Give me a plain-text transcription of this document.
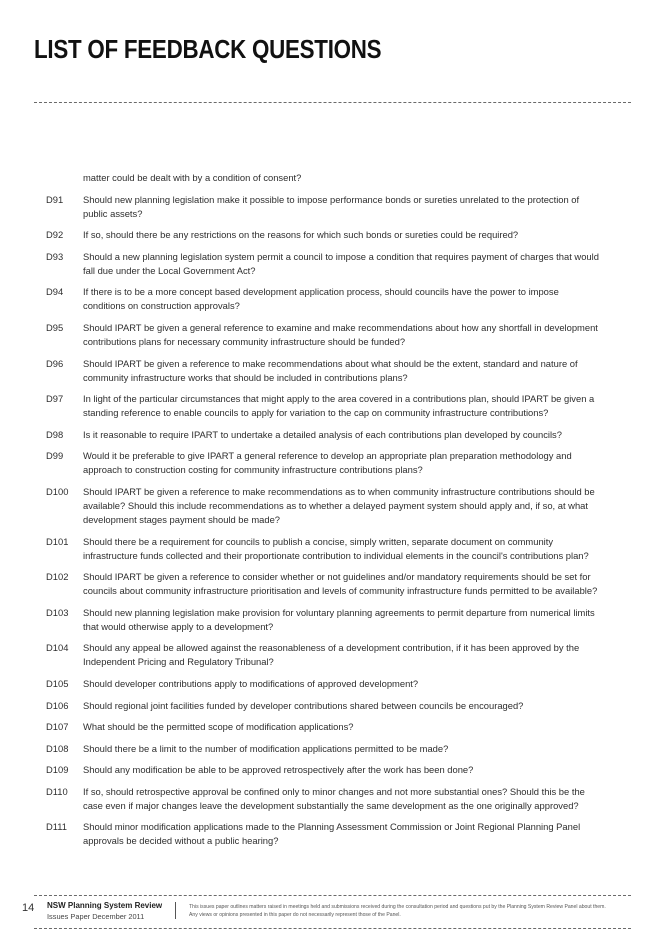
LIST OF FEEDBACK QUESTIONS
matter could be dealt with by a condition of consent?
D91	Should new planning legislation make it possible to impose performance bonds or sureties unrelated to the protection of public assets?
D92	If so, should there be any restrictions on the reasons for which such bonds or sureties could be required?
D93	Should a new planning legislation system permit a council to impose a condition that requires payment of charges that would fall due under the Local Government Act?
D94	If there is to be a more concept based development application process, should councils have the power to impose conditions on construction approvals?
D95	Should IPART be given a general reference to examine and make recommendations about how any shortfall in development contributions plans for necessary community infrastructure should be funded?
D96	Should IPART be given a reference to make recommendations about what should be the extent, standard and nature of community infrastructure works that should be included in contributions plans?
D97	In light of the particular circumstances that might apply to the area covered in a contributions plan, should IPART be given a standing reference to enable councils to apply for variation to the cap on community infrastructure contributions?
D98	Is it reasonable to require IPART to undertake a detailed analysis of each contributions plan developed by councils?
D99	Would it be preferable to give IPART a general reference to develop an appropriate plan preparation methodology and approach to construction costing for community infrastructure contributions plans?
D100	Should IPART be given a reference to make recommendations as to when community infrastructure contributions should be available? Should this include recommendations as to whether a delayed payment system should apply and, if so, at what development stages payment should be made?
D101	Should there be a requirement for councils to publish a concise, simply written, separate document on community infrastructure funds collected and their proportionate contribution to individual elements in the council's contributions plan?
D102	Should IPART be given a reference to consider whether or not guidelines and/or mandatory requirements should be set for councils about community infrastructure prioritisation and levels of community infrastructure funds permitted to be available?
D103	Should new planning legislation make provision for voluntary planning agreements to permit departure from numerical limits that would otherwise apply to a development?
D104	Should any appeal be allowed against the reasonableness of a development contribution, if it has been approved by the Independent Pricing and Regulatory Tribunal?
D105	Should developer contributions apply to modifications of approved development?
D106	Should regional joint facilities funded by developer contributions shared between councils be encouraged?
D107	What should be the permitted scope of modification applications?
D108	Should there be a limit to the number of modification applications permitted to be made?
D109	Should any modification be able to be approved retrospectively after the work has been done?
D110	If so, should retrospective approval be confined only to minor changes and not more substantial ones? Should this be the case even if major changes leave the development substantially the same development as the one originally approved?
D111	Should minor modification applications made to the Planning Assessment Commission or Joint Regional Planning Panel approvals be decided without a public hearing?
14 NSW Planning System Review
Issues Paper December 2011
This issues paper outlines matters raised in meetings held and submissions received during the consultation period and questions put by the Planning System Review Panel about them. Any views or opinions presented in this paper do not necessarily represent those of the Panel.
